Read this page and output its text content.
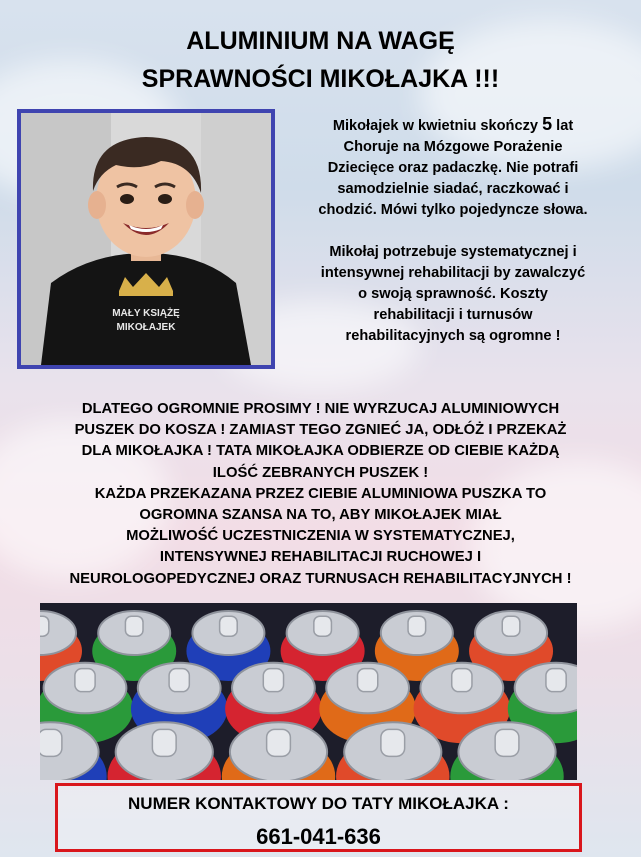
ALUMINIUM NA WAGĘ
SPRAWNOŚCI MIKOŁAJKA !!!
MAŁY KSIĄŻĘ
MIKOŁAJEK

Mikołajek w kwietniu skończy 5 lat

Choruje na Mózgowe Porażenie

Dziecięce oraz padaczkę. Nie potrafi

samodzielnie siadać, raczkować i

chodzić. Mówi tylko pojedyncze słowa.

Mikołaj potrzebuje systematycznej i

intensywnej rehabilitacji by zawalczyć

o swoją sprawność. Koszty

rehabilitacji i turnusów

rehabilitacyjnych są ogromne !

DLATEGO OGROMNIE PROSIMY ! NIE WYRZUCAJ ALUMINIOWYCH

PUSZEK DO KOSZA ! ZAMIAST TEGO ZGNIEĆ JA, ODŁÓŻ I PRZEKAŻ

DLA MIKOŁAJKA ! TATA MIKOŁAJKA ODBIERZE OD CIEBIE KAŻDĄ

ILOŚĆ ZEBRANYCH PUSZEK !

KAŻDA PRZEKAZANA PRZEZ CIEBIE ALUMINIOWA PUSZKA TO

OGROMNA SZANSA NA TO, ABY MIKOŁAJEK MIAŁ

MOŻLIWOŚĆ UCZESTNICZENIA W SYSTEMATYCZNEJ,

INTENSYWNEJ REHABILITACJI RUCHOWEJ I

NEUROLOGOPEDYCZNEJ ORAZ TURNUSACH REHABILITACYJNYCH !

NUMER KONTAKTOWY DO TATY MIKOŁAJKA :
661-041-636
